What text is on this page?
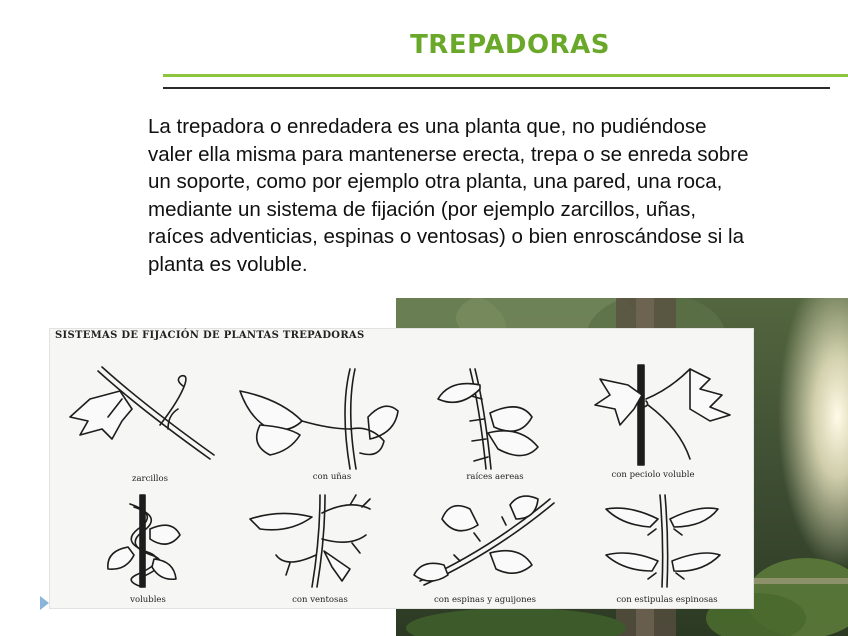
TREPADORAS
La trepadora o enredadera es una planta que, no pudiéndose
valer ella misma para mantenerse erecta, trepa o se enreda sobre
un soporte, como por ejemplo otra planta, una pared, una roca,
mediante un sistema de fijación (por ejemplo zarcillos, uñas,
raíces adventicias, espinas o ventosas) o bien enroscándose si la
planta es voluble.
SISTEMAS DE FIJACIÓN DE PLANTAS TREPADORAS
zarcillos	con uñas	raíces aereas	con peciolo voluble
volubles	con ventosas	con espinas y aguijones	con estipulas espinosas
